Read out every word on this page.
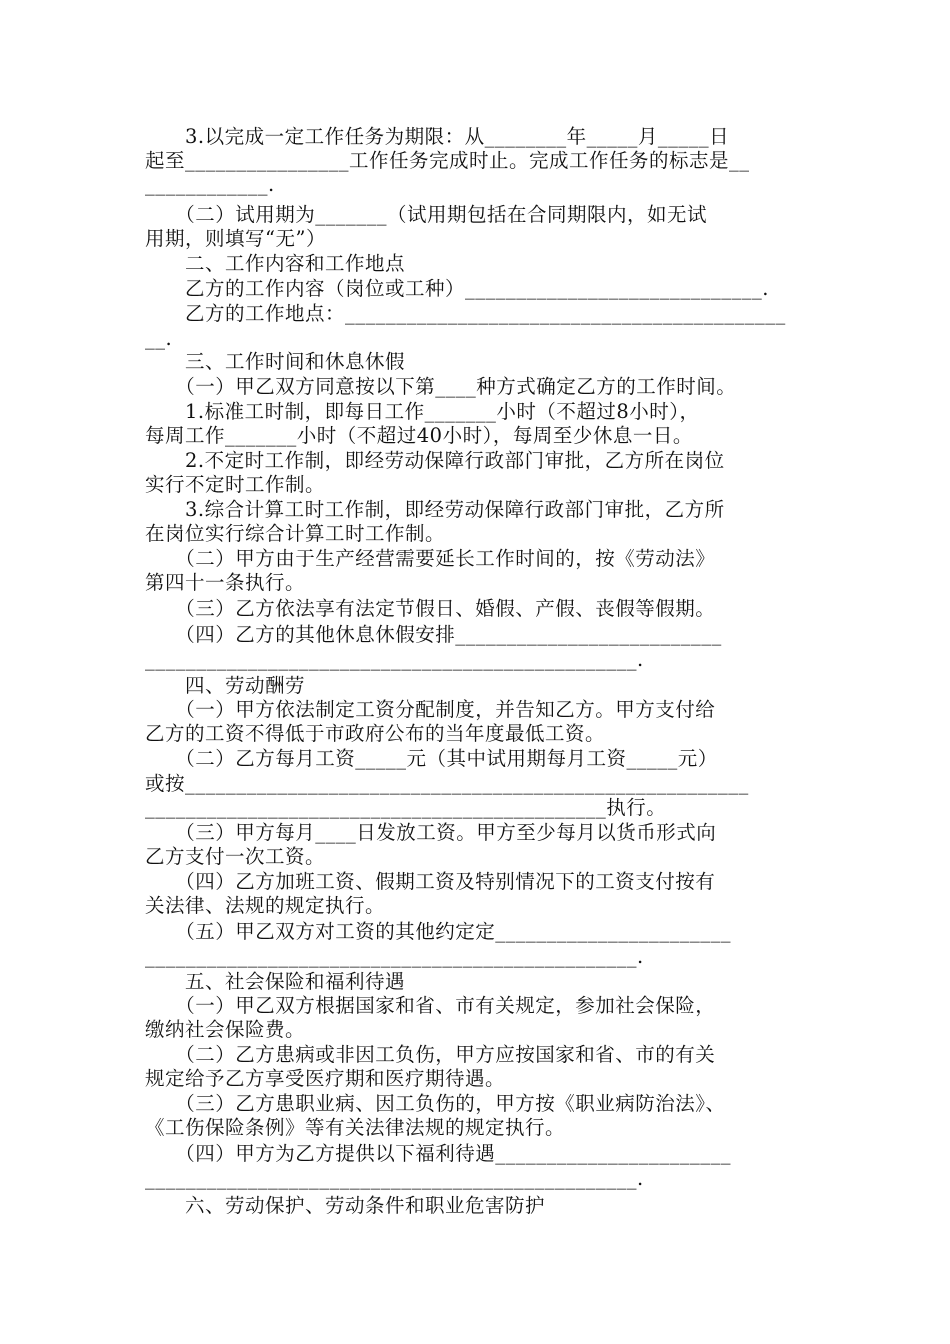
　　3.以完成一定工作任务为期限：从________年_____月_____日
起至________________工作任务完成时止。完成工作任务的标志是__
____________.
　　（二）试用期为_______（试用期包括在合同期限内，如无试
用期，则填写“无”）
　　二、工作内容和工作地点
　　乙方的工作内容（岗位或工种）_____________________________.
　　乙方的工作地点：___________________________________________
__.
　　三、工作时间和休息休假
　　（一）甲乙双方同意按以下第____种方式确定乙方的工作时间。
　　1.标准工时制，即每日工作_______小时（不超过8小时），
每周工作_______小时（不超过40小时），每周至少休息一日。
　　2.不定时工作制，即经劳动保障行政部门审批，乙方所在岗位
实行不定时工作制。
　　3.综合计算工时工作制，即经劳动保障行政部门审批，乙方所
在岗位实行综合计算工时工作制。
　　（二）甲方由于生产经营需要延长工作时间的，按《劳动法》
第四十一条执行。
　　（三）乙方依法享有法定节假日、婚假、产假、丧假等假期。
　　（四）乙方的其他休息休假安排__________________________
________________________________________________.
　　四、劳动酬劳
　　（一）甲方依法制定工资分配制度，并告知乙方。甲方支付给
乙方的工资不得低于市政府公布的当年度最低工资。
　　（二）乙方每月工资_____元（其中试用期每月工资_____元）
或按_______________________________________________________
_____________________________________________执行。
　　（三）甲方每月____日发放工资。甲方至少每月以货币形式向
乙方支付一次工资。
　　（四）乙方加班工资、假期工资及特别情况下的工资支付按有
关法律、法规的规定执行。
　　（五）甲乙双方对工资的其他约定定_______________________
________________________________________________.
　　五、社会保险和福利待遇
　　（一）甲乙双方根据国家和省、市有关规定，参加社会保险，
缴纳社会保险费。
　　（二）乙方患病或非因工负伤，甲方应按国家和省、市的有关
规定给予乙方享受医疗期和医疗期待遇。
　　（三）乙方患职业病、因工负伤的，甲方按《职业病防治法》、
《工伤保险条例》等有关法律法规的规定执行。
　　（四）甲方为乙方提供以下福利待遇_______________________
________________________________________________.
　　六、劳动保护、劳动条件和职业危害防护
